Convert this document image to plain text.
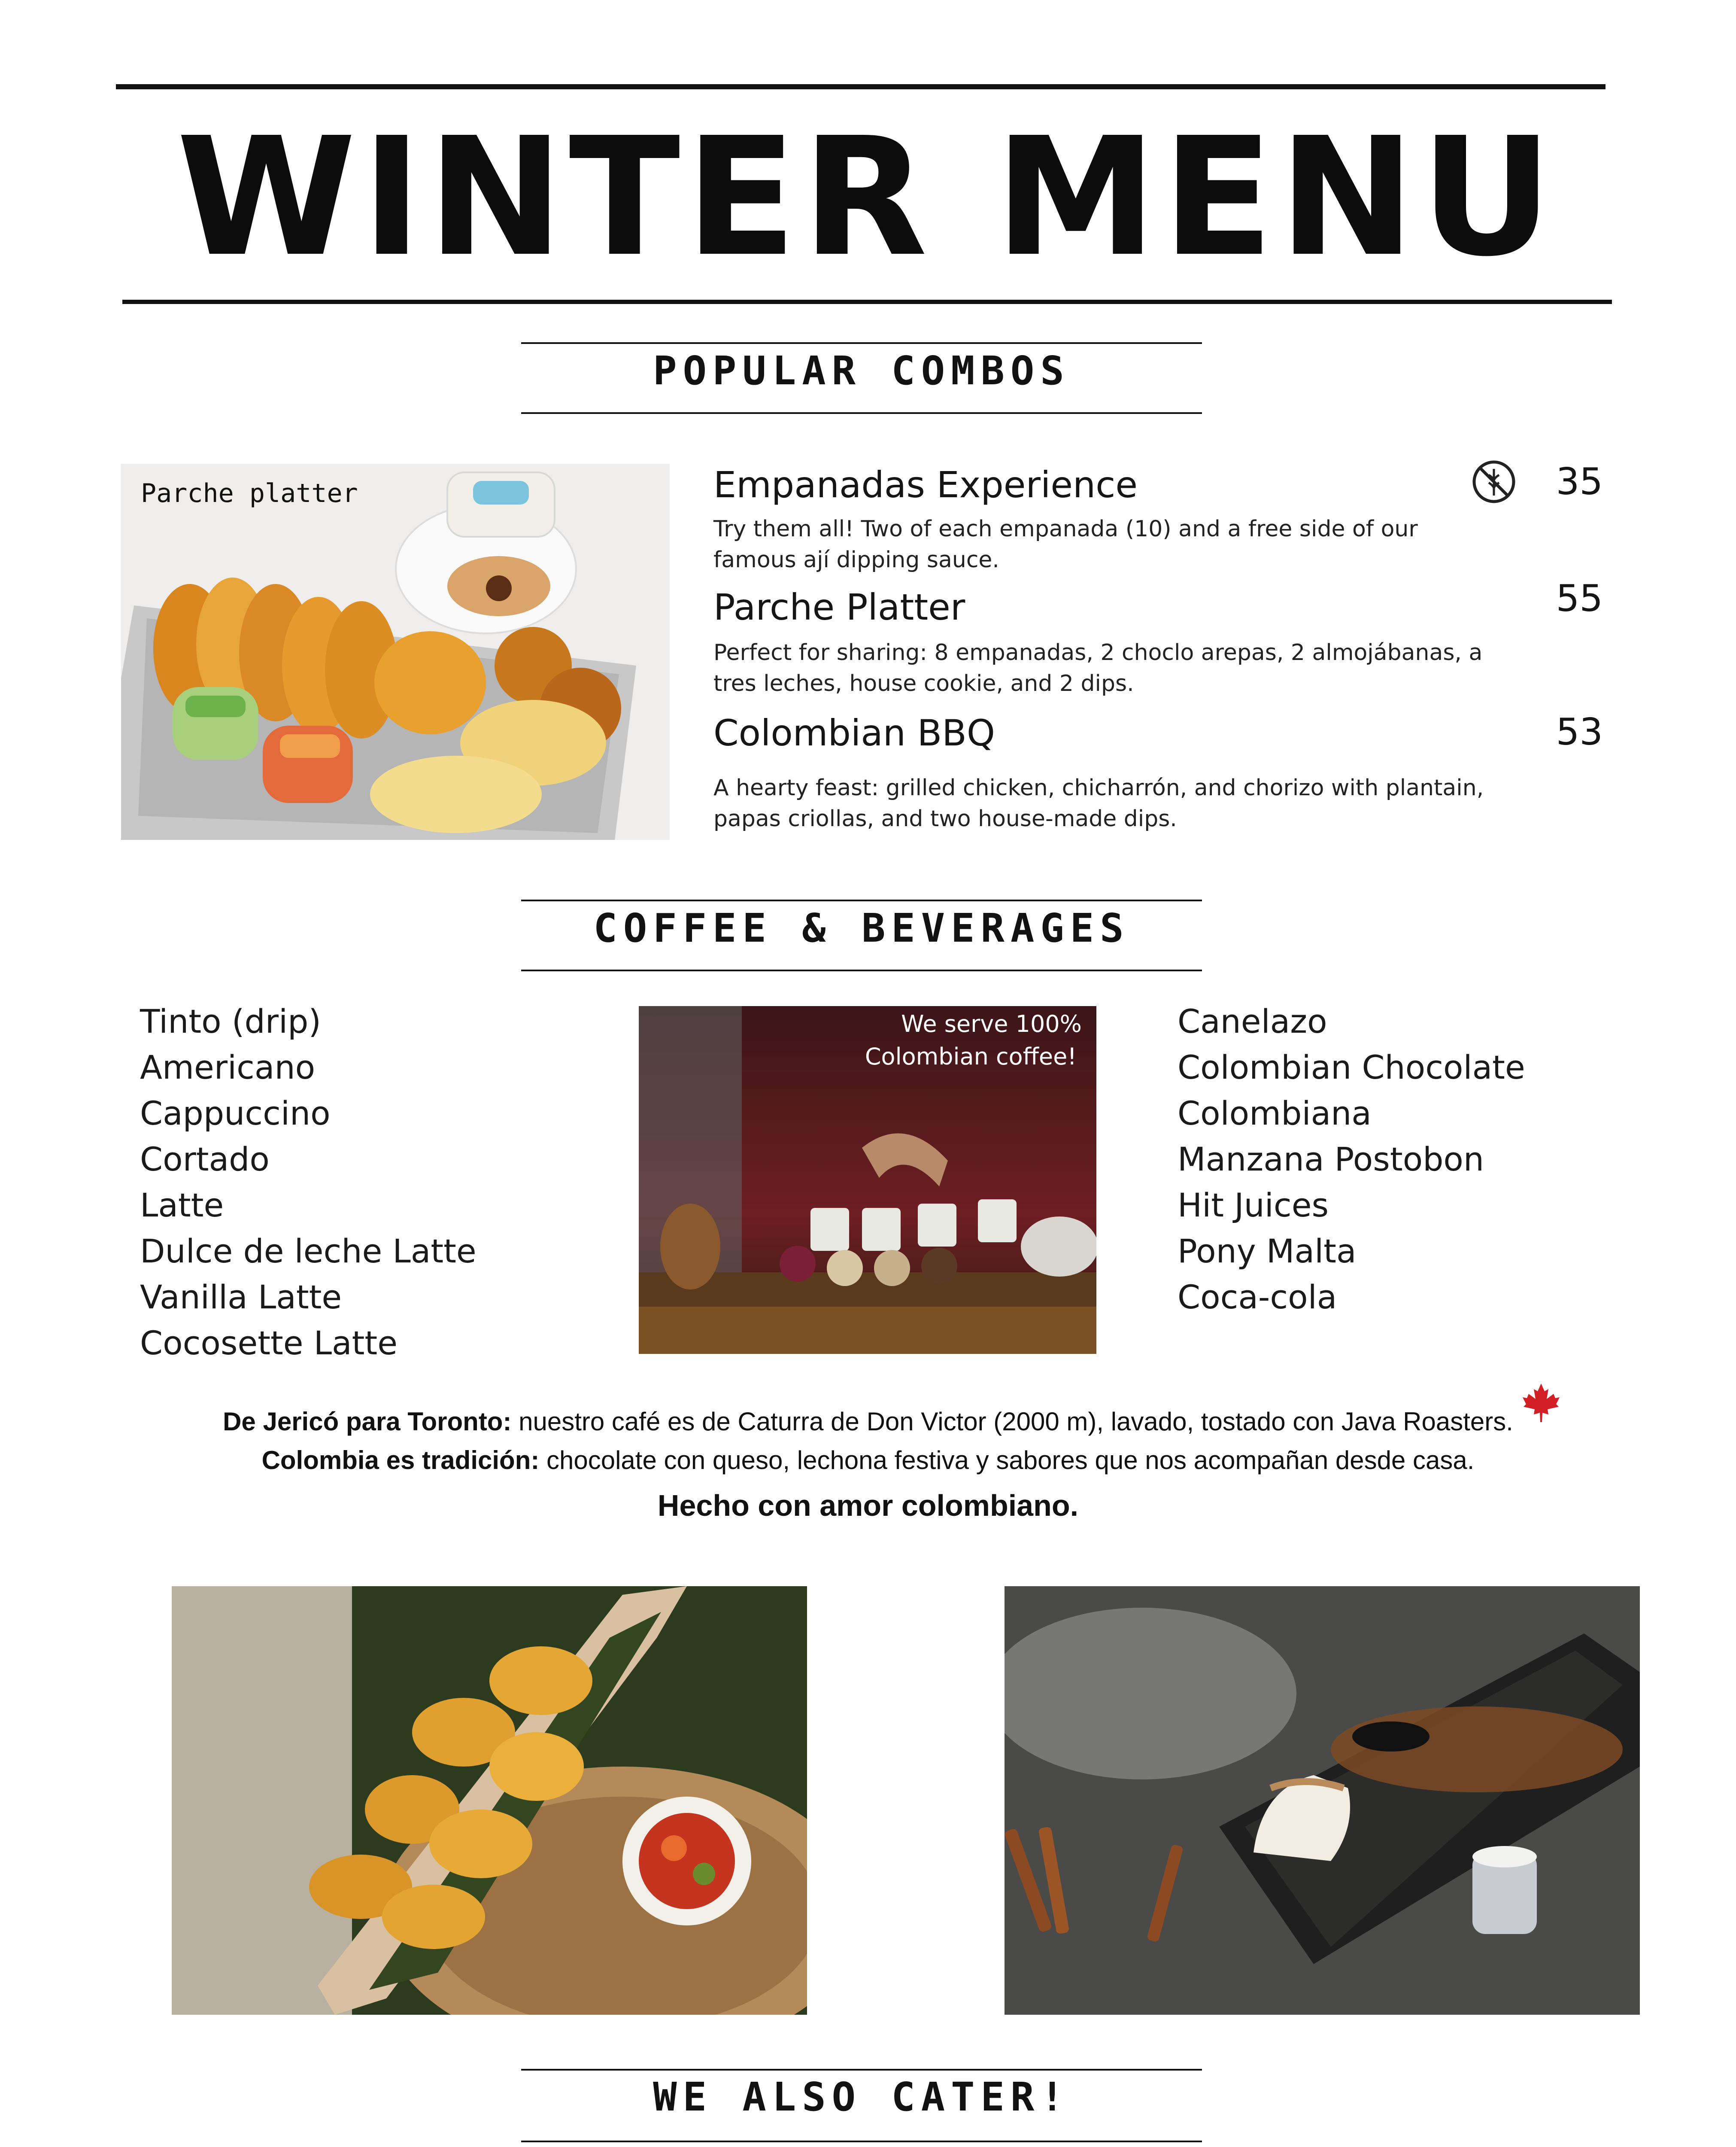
WINTER MENU
POPULAR COMBOS
Parche platter	Empanadas Experience
Try them all! Two of each empanada (10) and a free side of our famous ají dipping sauce.
35
Parche Platter
Perfect for sharing: 8 empanadas, 2 choclo arepas, 2 almojábanas, a tres leches, house cookie, and 2 dips.
55
Colombian BBQ
A hearty feast: grilled chicken, chicharrón, and chorizo with plantain, papas criollas, and two house-made dips.
53
COFFEE & BEVERAGES
Tinto (drip)
Americano
Cappuccino
Cortado
Latte
Dulce de leche Latte
Vanilla Latte
Cocosette Latte
We serve 100%
Colombian coffee!
Canelazo
Colombian Chocolate
Colombiana
Manzana Postobon
Hit Juices
Pony Malta
Coca-cola
De Jericó para Toronto: nuestro café es de Caturra de Don Victor (2000 m), lavado, tostado con Java Roasters.
Colombia es tradición: chocolate con queso, lechona festiva y sabores que nos acompañan desde casa.
Hecho con amor colombiano.
WE ALSO CATER!
